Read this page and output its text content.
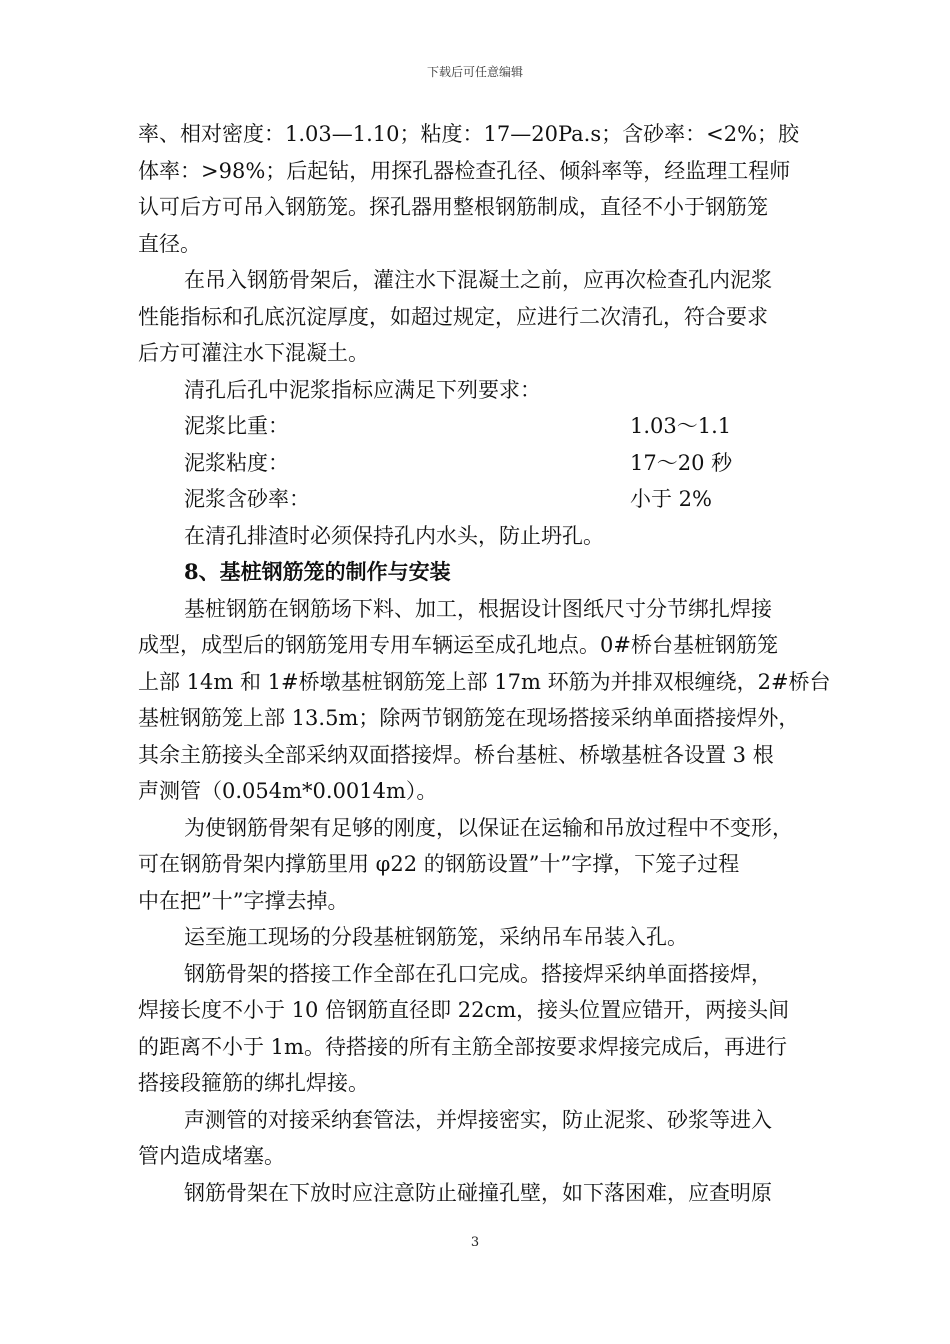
下载后可任意编辑

率、相对密度：1.03—1.10；粘度：17—20Pa.s；含砂率：<2%；胶

体率：>98%；后起钻，用探孔器检查孔径、倾斜率等，经监理工程师

认可后方可吊入钢筋笼。探孔器用整根钢筋制成，直径不小于钢筋笼

直径。

在吊入钢筋骨架后，灌注水下混凝土之前，应再次检查孔内泥浆

性能指标和孔底沉淀厚度，如超过规定，应进行二次清孔，符合要求

后方可灌注水下混凝土。

清孔后孔中泥浆指标应满足下列要求：

泥浆比重：	1.03～1.1
泥浆粘度：	17～20 秒
泥浆含砂率：	小于 2%

在清孔排渣时必须保持孔内水头，防止坍孔。

8、基桩钢筋笼的制作与安装

基桩钢筋在钢筋场下料、加工，根据设计图纸尺寸分节绑扎焊接

成型，成型后的钢筋笼用专用车辆运至成孔地点。0#桥台基桩钢筋笼

上部 14m 和 1#桥墩基桩钢筋笼上部 17m 环筋为并排双根缠绕，2#桥台

基桩钢筋笼上部 13.5m；除两节钢筋笼在现场搭接采纳单面搭接焊外，

其余主筋接头全部采纳双面搭接焊。桥台基桩、桥墩基桩各设置 3 根

声测管（0.054m*0.0014m）。

为使钢筋骨架有足够的刚度，以保证在运输和吊放过程中不变形，

可在钢筋骨架内撑筋里用 φ22 的钢筋设置”十”字撑，下笼子过程

中在把”十”字撑去掉。

运至施工现场的分段基桩钢筋笼，采纳吊车吊装入孔。

钢筋骨架的搭接工作全部在孔口完成。搭接焊采纳单面搭接焊，

焊接长度不小于 10 倍钢筋直径即 22cm，接头位置应错开，两接头间

的距离不小于 1m。待搭接的所有主筋全部按要求焊接完成后，再进行

搭接段箍筋的绑扎焊接。

声测管的对接采纳套管法，并焊接密实，防止泥浆、砂浆等进入

管内造成堵塞。

钢筋骨架在下放时应注意防止碰撞孔壁，如下落困难，应查明原

3
